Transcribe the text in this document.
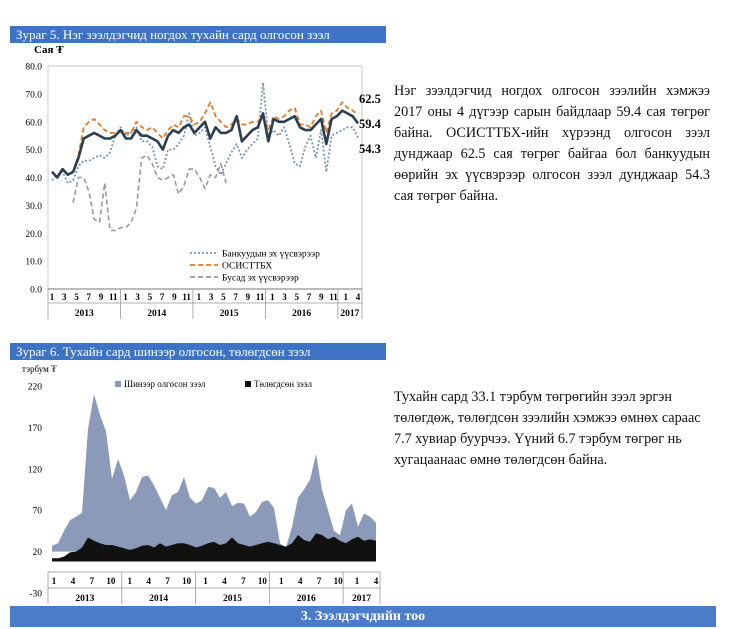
Зураг 5. Нэг зээлдэгчид ногдох тухайн сард олгосон зээл
Зураг 6. Тухайн сард шинээр олгосон, төлөгдсөн зээл
Сая ₮
0.0
10.0
20.0
30.0
40.0
50.0
60.0
70.0
80.0
1 3 5 7 9 11 1 3 5 7 9 11 1 3 5 7 9 11 1 3 5 7 9 11 1 4
2013	2014	2015	2016	2017
62.5
59.4
54.3
Банкуудын эх үүсвэрээр
ОСИСТТБХ
Бусад эх үүсвэрээр
тэрбум ₮
-30
20
70
120
170
220
1 4 7 10 1 4 7 10 1 4 7 10 1 4 7 10 1 4
2013	2014	2015	2016	2017
Шинээр олгосон зээл	Төлөгдсөн зээл
Нэг зээлдэгчид ногдох олгосон зээлийн хэмжээ 2017 оны 4 дүгээр сарын байдлаар 59.4 сая төгрөг байна. ОСИСТТБХ-ийн хүрээнд олгосон зээл дунджаар 62.5 сая төгрөг байгаа бол банкуудын өөрийн эх үүсвэрээр олгосон зээл дунджаар 54.3 сая төгрөг байна.
Тухайн сард 33.1 тэрбум төгрөгийн зээл эргэн төлөгдөж, төлөгдсөн зээлийн хэмжээ өмнөх сараас 7.7 хувиар буурчээ. Үүний 6.7 тэрбум төгрөг нь хугацаанаас өмнө төлөгдсөн байна.
3. Зээлдэгчдийн тоо
